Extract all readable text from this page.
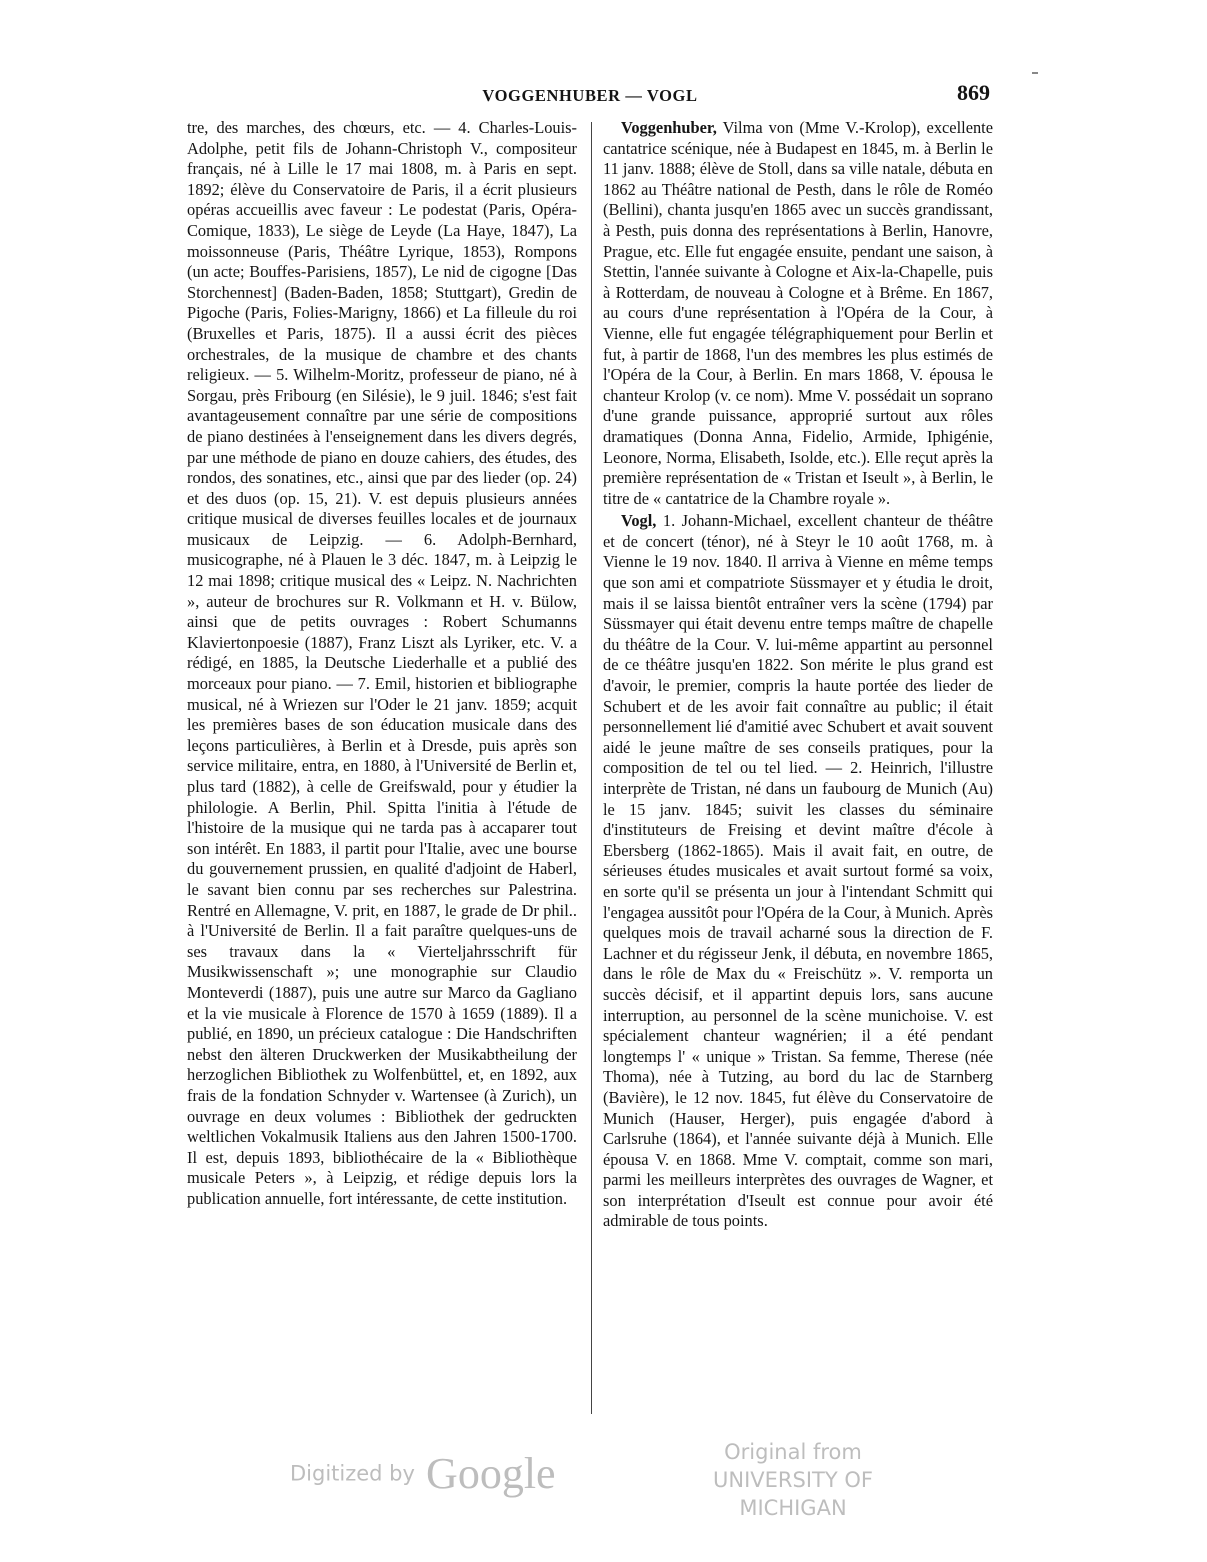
VOGGENHUBER — VOGL	869

tre, des marches, des chœurs, etc. — 4. Charles-Louis-Adolphe, petit fils de Johann-Christoph V., compositeur français, né à Lille le 17 mai 1808, m. à Paris en sept. 1892; élève du Conservatoire de Paris, il a écrit plusieurs opéras accueillis avec faveur : Le podestat (Paris, Opéra-Comique, 1833), Le siège de Leyde (La Haye, 1847), La moissonneuse (Paris, Théâtre Lyrique, 1853), Rompons (un acte; Bouffes-Parisiens, 1857), Le nid de cigogne [Das Storchennest] (Baden-Baden, 1858; Stuttgart), Gredin de Pigoche (Paris, Folies-Marigny, 1866) et La filleule du roi (Bruxelles et Paris, 1875). Il a aussi écrit des pièces orchestrales, de la musique de chambre et des chants religieux. — 5. Wilhelm-Moritz, professeur de piano, né à Sorgau, près Fribourg (en Silésie), le 9 juil. 1846; s'est fait avantageusement connaître par une série de compositions de piano destinées à l'enseignement dans les divers degrés, par une méthode de piano en douze cahiers, des études, des rondos, des sonatines, etc., ainsi que par des lieder (op. 24) et des duos (op. 15, 21). V. est depuis plusieurs années critique musical de diverses feuilles locales et de journaux musicaux de Leipzig. — 6. Adolph-Bernhard, musicographe, né à Plauen le 3 déc. 1847, m. à Leipzig le 12 mai 1898; critique musical des « Leipz. N. Nachrichten », auteur de brochures sur R. Volkmann et H. v. Bülow, ainsi que de petits ouvrages : Robert Schumanns Klaviertonpoesie (1887), Franz Liszt als Lyriker, etc. V. a rédigé, en 1885, la Deutsche Liederhalle et a publié des morceaux pour piano. — 7. Emil, historien et bibliographe musical, né à Wriezen sur l'Oder le 21 janv. 1859; acquit les premières bases de son éducation musicale dans des leçons particulières, à Berlin et à Dresde, puis après son service militaire, entra, en 1880, à l'Université de Berlin et, plus tard (1882), à celle de Greifswald, pour y étudier la philologie. A Berlin, Phil. Spitta l'initia à l'étude de l'histoire de la musique qui ne tarda pas à accaparer tout son intérêt. En 1883, il partit pour l'Italie, avec une bourse du gouvernement prussien, en qualité d'adjoint de Haberl, le savant bien connu par ses recherches sur Palestrina. Rentré en Allemagne, V. prit, en 1887, le grade de Dr phil.. à l'Université de Berlin. Il a fait paraître quelques-uns de ses travaux dans la « Vierteljahrsschrift für Musikwissenschaft »; une monographie sur Claudio Monteverdi (1887), puis une autre sur Marco da Gagliano et la vie musicale à Florence de 1570 à 1659 (1889). Il a publié, en 1890, un précieux catalogue : Die Handschriften nebst den älteren Druckwerken der Musikabtheilung der herzoglichen Bibliothek zu Wolfenbüttel, et, en 1892, aux frais de la fondation Schnyder v. Wartensee (à Zurich), un ouvrage en deux volumes : Bibliothek der gedruckten weltlichen Vokalmusik Italiens aus den Jahren 1500-1700. Il est, depuis 1893, bibliothécaire de la « Bibliothèque musicale Peters », à Leipzig, et rédige depuis lors la publication annuelle, fort intéressante, de cette institution.

Voggenhuber, Vilma von (Mme V.-Krolop), excellente cantatrice scénique, née à Budapest en 1845, m. à Berlin le 11 janv. 1888; élève de Stoll, dans sa ville natale, débuta en 1862 au Théâtre national de Pesth, dans le rôle de Roméo (Bellini), chanta jusqu'en 1865 avec un succès grandissant, à Pesth, puis donna des représentations à Berlin, Hanovre, Prague, etc. Elle fut engagée ensuite, pendant une saison, à Stettin, l'année suivante à Cologne et Aix-la-Chapelle, puis à Rotterdam, de nouveau à Cologne et à Brême. En 1867, au cours d'une représentation à l'Opéra de la Cour, à Vienne, elle fut engagée télégraphiquement pour Berlin et fut, à partir de 1868, l'un des membres les plus estimés de l'Opéra de la Cour, à Berlin. En mars 1868, V. épousa le chanteur Krolop (v. ce nom). Mme V. possédait un soprano d'une grande puissance, approprié surtout aux rôles dramatiques (Donna Anna, Fidelio, Armide, Iphigénie, Leonore, Norma, Elisabeth, Isolde, etc.). Elle reçut après la première représentation de « Tristan et Iseult », à Berlin, le titre de « cantatrice de la Chambre royale ».

Vogl, 1. Johann-Michael, excellent chanteur de théâtre et de concert (ténor), né à Steyr le 10 août 1768, m. à Vienne le 19 nov. 1840. Il arriva à Vienne en même temps que son ami et compatriote Süssmayer et y étudia le droit, mais il se laissa bientôt entraîner vers la scène (1794) par Süssmayer qui était devenu entre temps maître de chapelle du théâtre de la Cour. V. lui-même appartint au personnel de ce théâtre jusqu'en 1822. Son mérite le plus grand est d'avoir, le premier, compris la haute portée des lieder de Schubert et de les avoir fait connaître au public; il était personnellement lié d'amitié avec Schubert et avait souvent aidé le jeune maître de ses conseils pratiques, pour la composition de tel ou tel lied. — 2. Heinrich, l'illustre interprète de Tristan, né dans un faubourg de Munich (Au) le 15 janv. 1845; suivit les classes du séminaire d'instituteurs de Freising et devint maître d'école à Ebersberg (1862-1865). Mais il avait fait, en outre, de sérieuses études musicales et avait surtout formé sa voix, en sorte qu'il se présenta un jour à l'intendant Schmitt qui l'engagea aussitôt pour l'Opéra de la Cour, à Munich. Après quelques mois de travail acharné sous la direction de F. Lachner et du régisseur Jenk, il débuta, en novembre 1865, dans le rôle de Max du « Freischütz ». V. remporta un succès décisif, et il appartint depuis lors, sans aucune interruption, au personnel de la scène munichoise. V. est spécialement chanteur wagnérien; il a été pendant longtemps l' « unique » Tristan. Sa femme, Therese (née Thoma), née à Tutzing, au bord du lac de Starnberg (Bavière), le 12 nov. 1845, fut élève du Conservatoire de Munich (Hauser, Herger), puis engagée d'abord à Carlsruhe (1864), et l'année suivante déjà à Munich. Elle épousa V. en 1868. Mme V. comptait, comme son mari, parmi les meilleurs interprètes des ouvrages de Wagner, et son interprétation d'Iseult est connue pour avoir été admirable de tous points.

Digitized by Google	Original from
UNIVERSITY OF MICHIGAN
